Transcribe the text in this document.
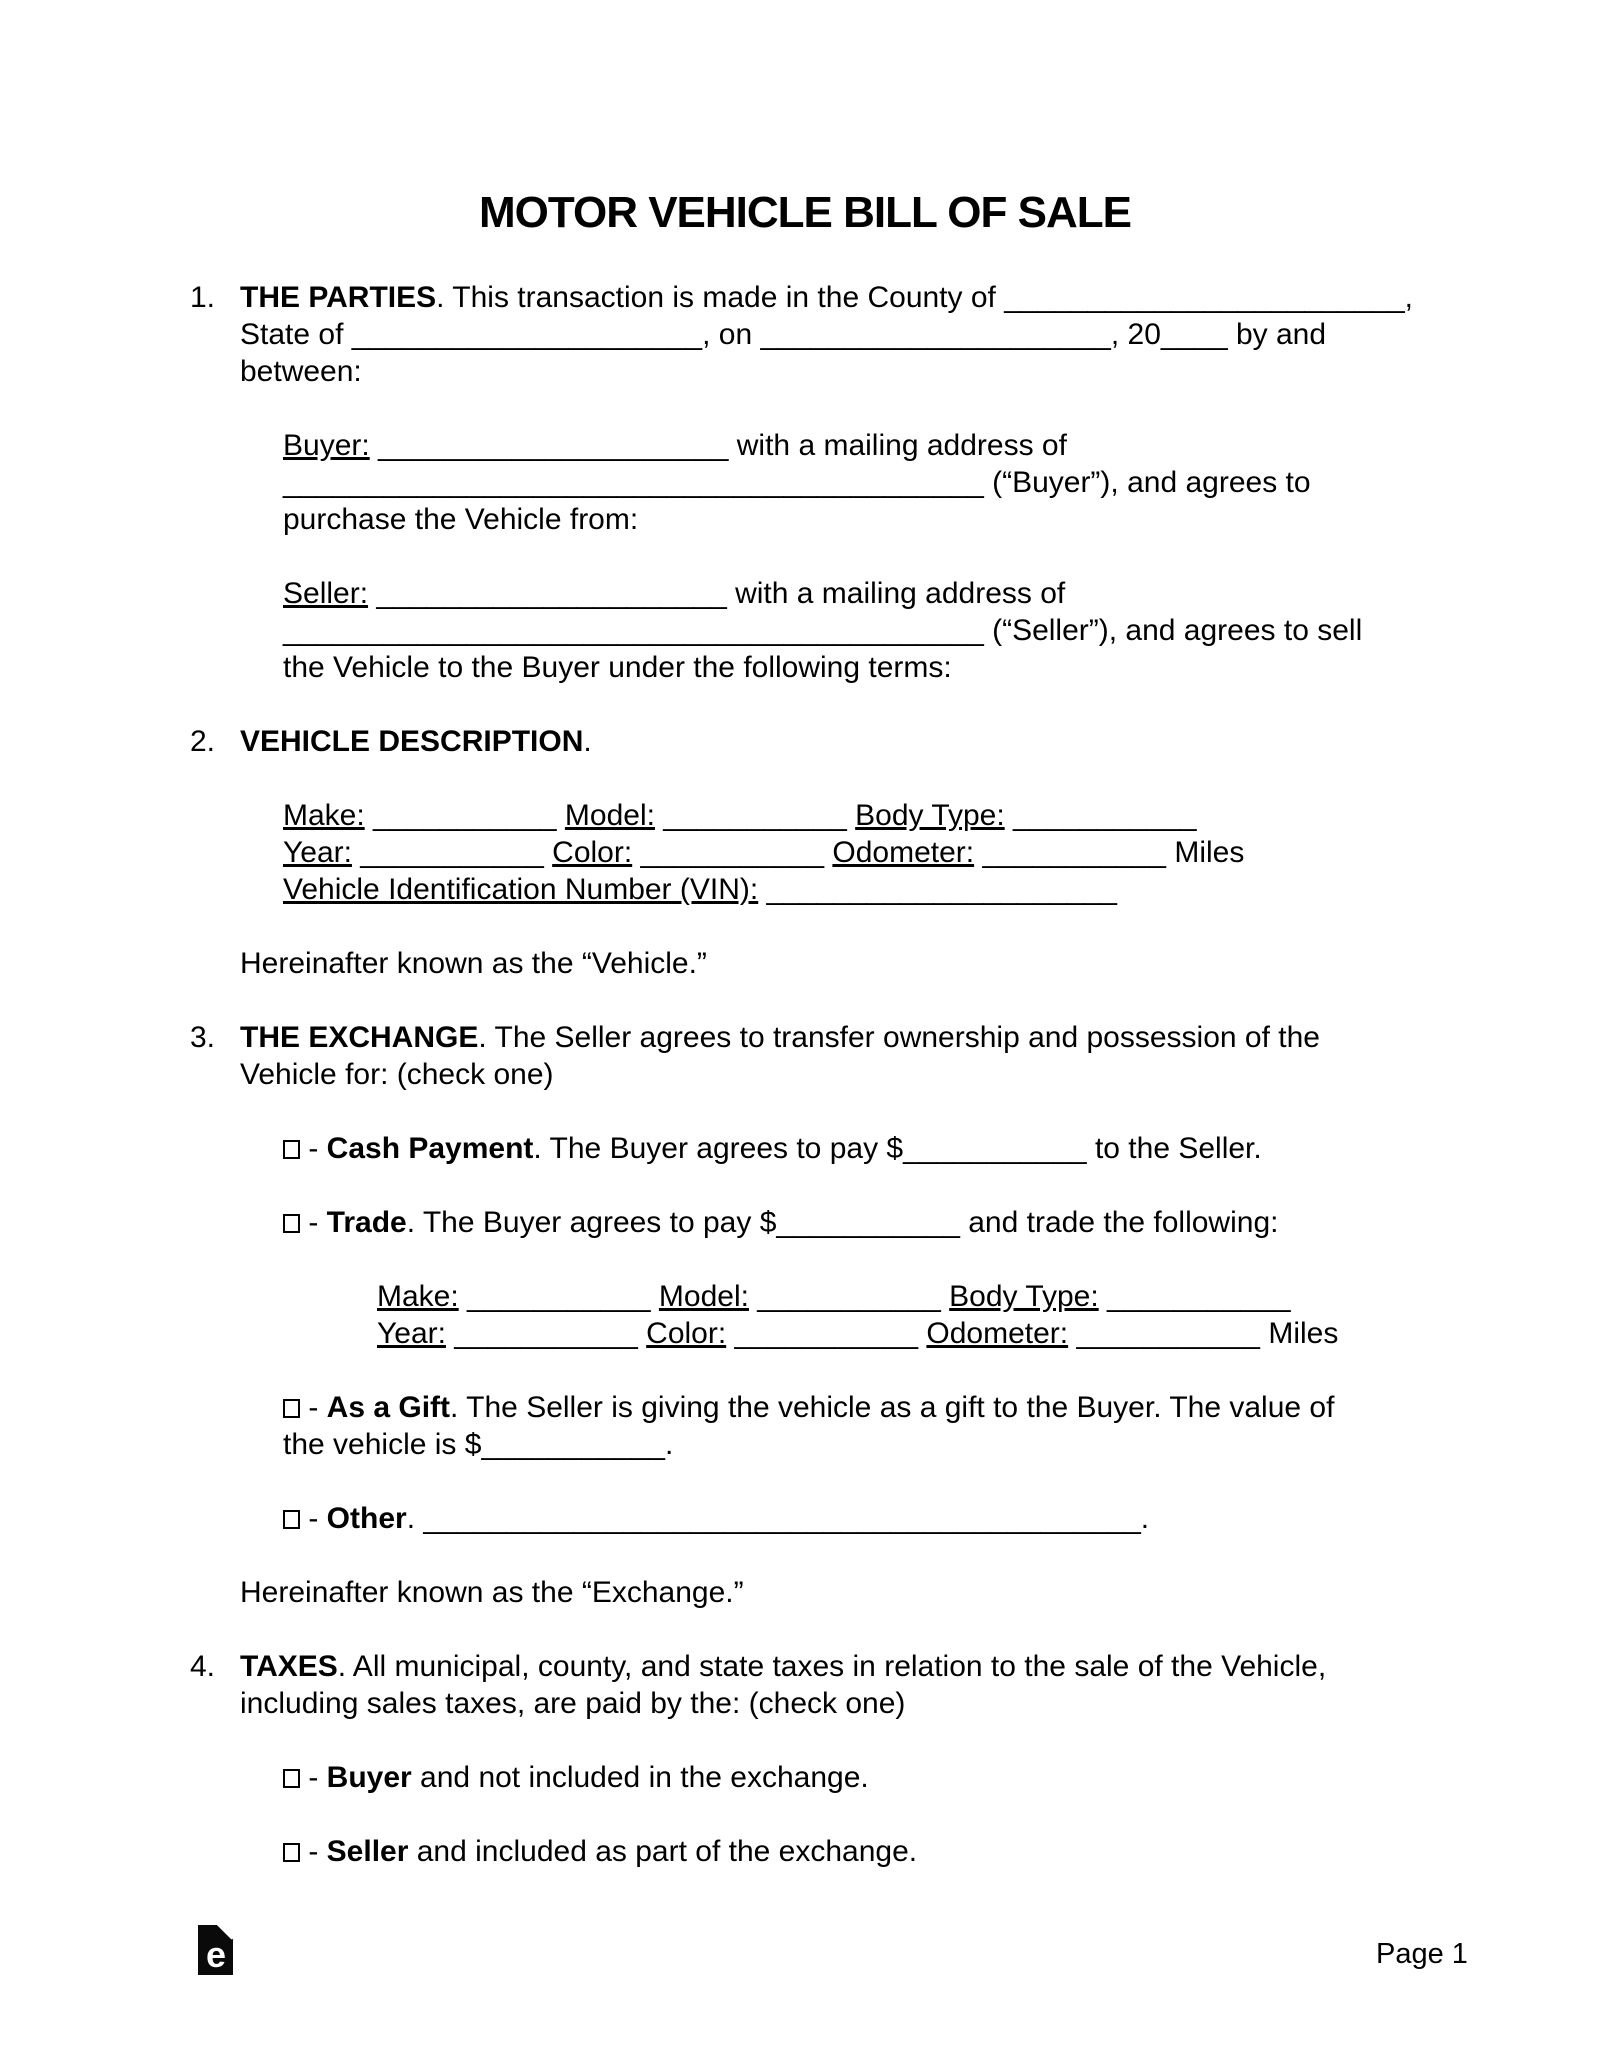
MOTOR VEHICLE BILL OF SALE
1. THE PARTIES. This transaction is made in the County of ________________________,
State of _____________________, on _____________________, 20____ by and
between:
Buyer: _____________________ with a mailing address of
__________________________________________ (“Buyer”), and agrees to
purchase the Vehicle from:
Seller: _____________________ with a mailing address of
__________________________________________ (“Seller”), and agrees to sell
the Vehicle to the Buyer under the following terms:
2. VEHICLE DESCRIPTION.
Make: ___________ Model: ___________ Body Type: ___________
Year: ___________ Color: ___________ Odometer: ___________ Miles
Vehicle Identification Number (VIN): _____________________
Hereinafter known as the “Vehicle.”
3. THE EXCHANGE. The Seller agrees to transfer ownership and possession of the
Vehicle for: (check one)
- Cash Payment. The Buyer agrees to pay $___________ to the Seller.
- Trade. The Buyer agrees to pay $___________ and trade the following:
Make: ___________ Model: ___________ Body Type: ___________
Year: ___________ Color: ___________ Odometer: ___________ Miles
- As a Gift. The Seller is giving the vehicle as a gift to the Buyer. The value of
the vehicle is $___________.
- Other. ___________________________________________.
Hereinafter known as the “Exchange.”
4. TAXES. All municipal, county, and state taxes in relation to the sale of the Vehicle,
including sales taxes, are paid by the: (check one)
- Buyer and not included in the exchange.
- Seller and included as part of the exchange.
e	Page 1
